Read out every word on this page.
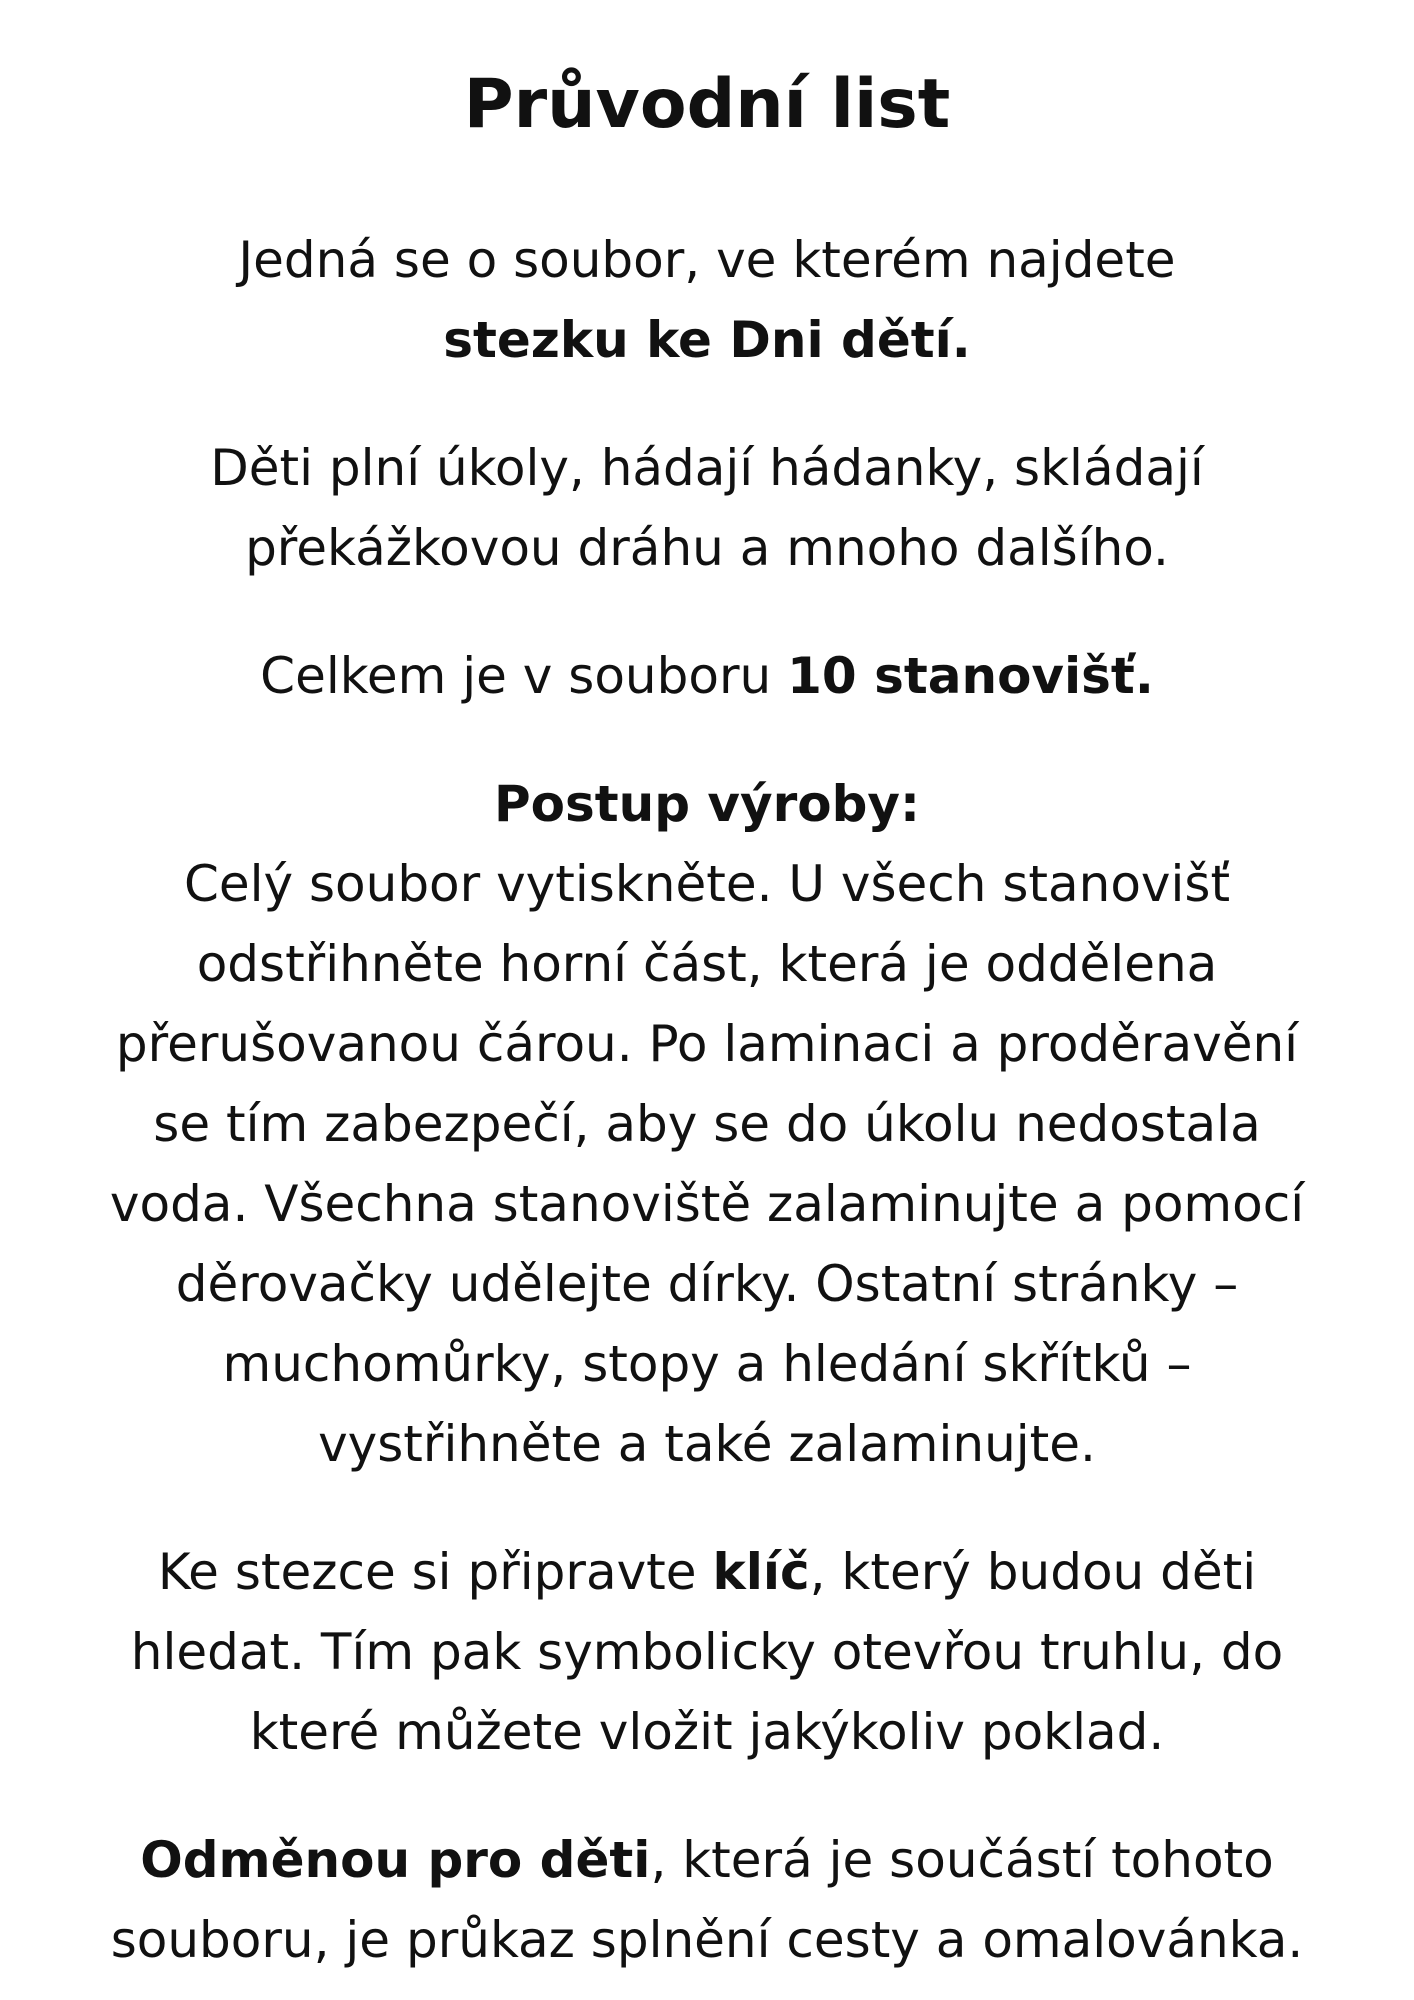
Průvodní list

Jedná se o soubor, ve kterém najdete
stezku ke Dni dětí.

Děti plní úkoly, hádají hádanky, skládají
překážkovou dráhu a mnoho dalšího.

Celkem je v souboru 10 stanovišť.

Postup výroby:
Celý soubor vytiskněte. U všech stanovišť
odstřihněte horní část, která je oddělena
přerušovanou čárou. Po laminaci a proděravění
se tím zabezpečí, aby se do úkolu nedostala
voda. Všechna stanoviště zalaminujte a pomocí
děrovačky udělejte dírky. Ostatní stránky –
muchomůrky, stopy a hledání skřítků –
vystřihněte a také zalaminujte.

Ke stezce si připravte klíč, který budou děti
hledat. Tím pak symbolicky otevřou truhlu, do
které můžete vložit jakýkoliv poklad.

Odměnou pro děti, která je součástí tohoto
souboru, je průkaz splnění cesty a omalovánka.
